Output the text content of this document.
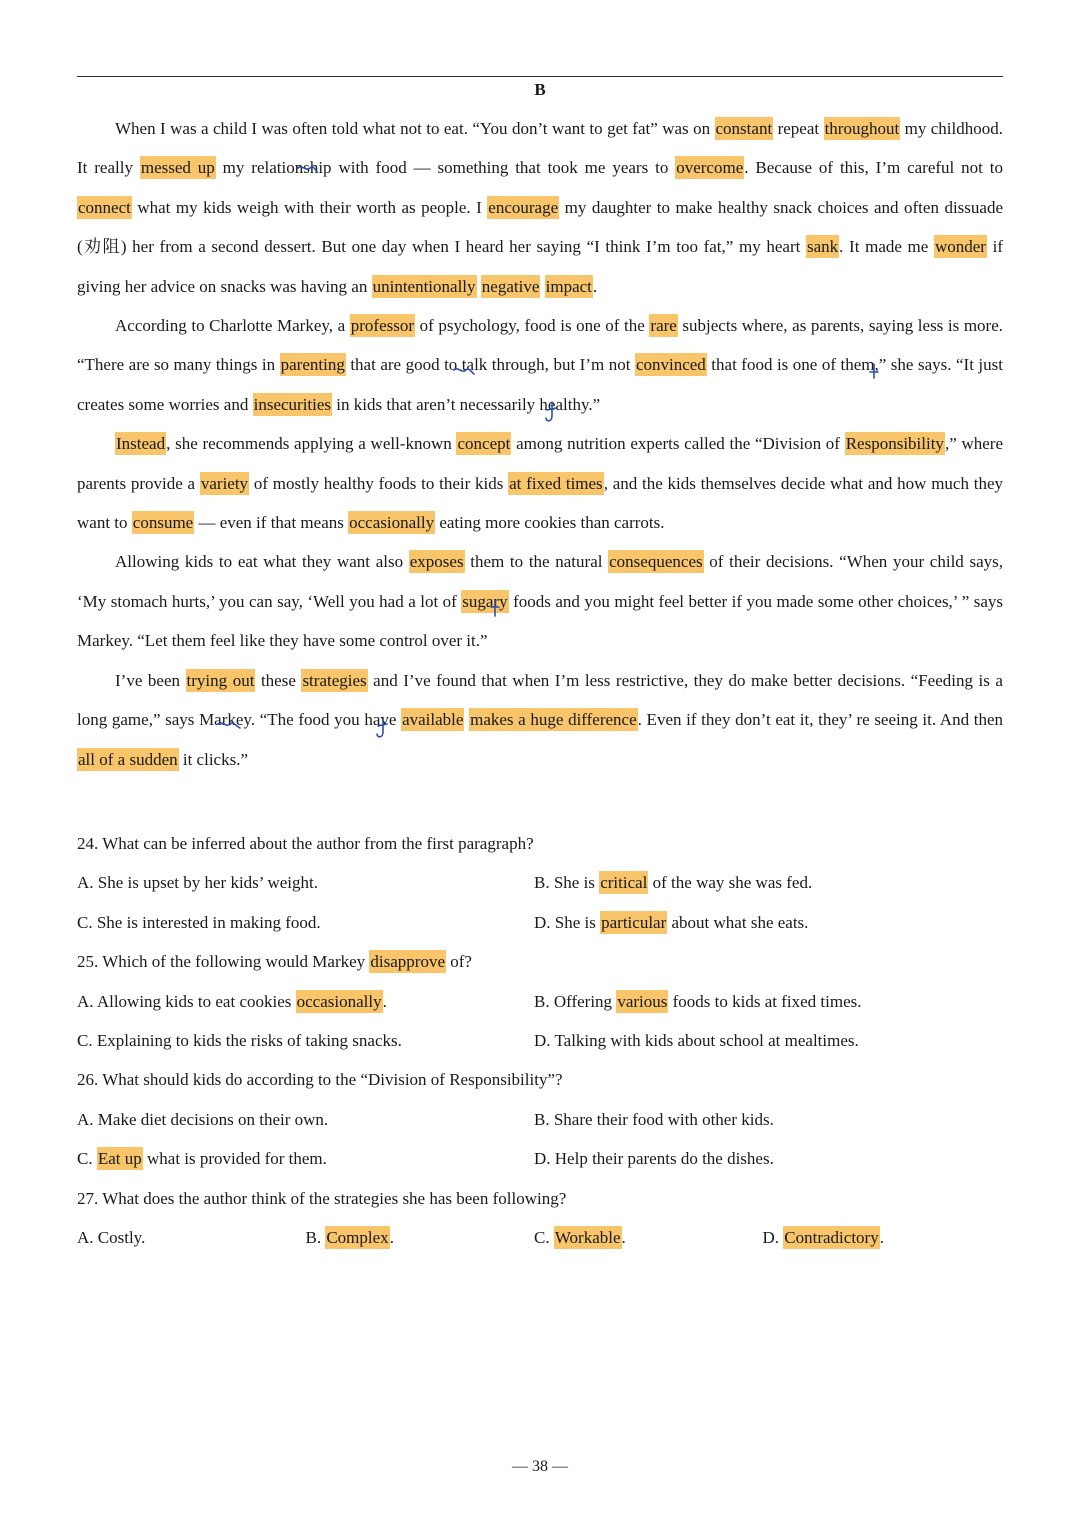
B

When I was a child I was often told what not to eat. “You don’t want to get fat” was on constant repeat throughout my childhood. It really messed up my relationship with food — something that took me years to overcome. Because of this, I’m careful not to connect what my kids weigh with their worth as people. I encourage my daughter to make healthy snack choices and often dissuade (劝阻) her from a second dessert. But one day when I heard her saying “I think I’m too fat,” my heart sank. It made me wonder if giving her advice on snacks was having an unintentionally negative impact.

According to Charlotte Markey, a professor of psychology, food is one of the rare subjects where, as parents, saying less is more. “There are so many things in parenting that are good to talk through, but I’m not convinced that food is one of them,” she says. “It just creates some worries and insecurities in kids that aren’t necessarily healthy.”

Instead, she recommends applying a well-known concept among nutrition experts called the “Division of Responsibility,” where parents provide a variety of mostly healthy foods to their kids at fixed times, and the kids themselves decide what and how much they want to consume — even if that means occasionally eating more cookies than carrots.

Allowing kids to eat what they want also exposes them to the natural consequences of their decisions. “When your child says, ‘My stomach hurts,’ you can say, ‘Well you had a lot of sugary foods and you might feel better if you made some other choices,’ ” says Markey. “Let them feel like they have some control over it.”

I’ve been trying out these strategies and I’ve found that when I’m less restrictive, they do make better decisions. “Feeding is a long game,” says Markey. “The food you have available makes a huge difference. Even if they don’t eat it, they’ re seeing it. And then all of a sudden it clicks.”

24. What can be inferred about the author from the first paragraph?
A. She is upset by her kids’ weight.	B. She is critical of the way she was fed.
C. She is interested in making food.	D. She is particular about what she eats.
25. Which of the following would Markey disapprove of?
A. Allowing kids to eat cookies occasionally.	B. Offering various foods to kids at fixed times.
C. Explaining to kids the risks of taking snacks.	D. Talking with kids about school at mealtimes.
26. What should kids do according to the “Division of Responsibility”?
A. Make diet decisions on their own.	B. Share their food with other kids.
C. Eat up what is provided for them.	D. Help their parents do the dishes.
27. What does the author think of the strategies she has been following?
A. Costly.	B. Complex.	C. Workable.	D. Contradictory.
— 38 —
